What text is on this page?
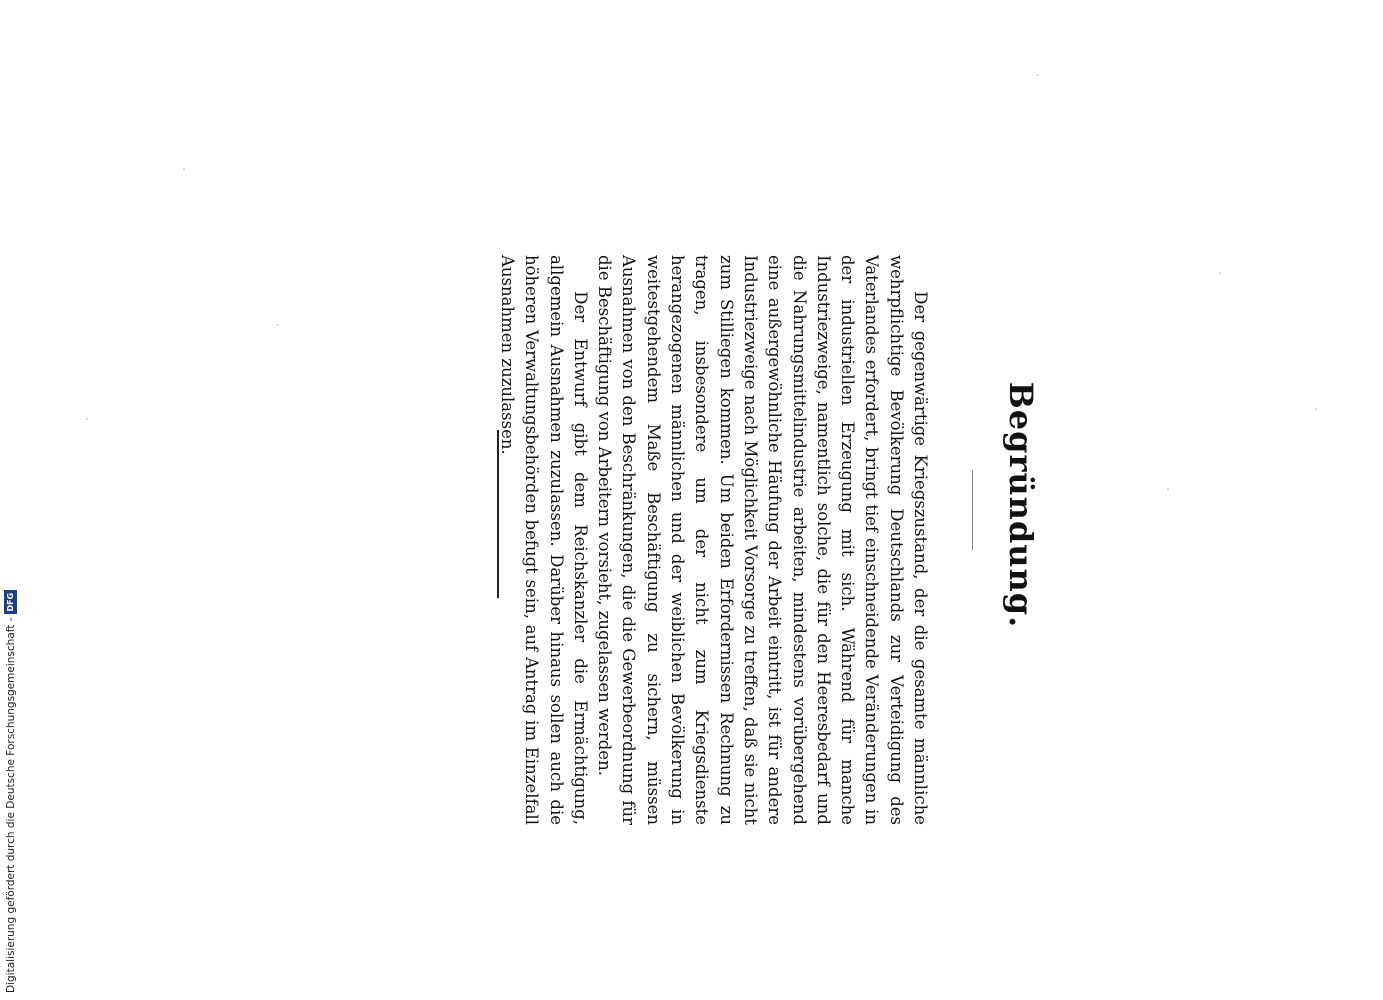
Begründung.

Der gegenwärtige Kriegszustand, der die gesamte männliche wehrpflichtige Bevölkerung Deutschlands zur Verteidigung des Vaterlandes erfordert, bringt tief einschneidende Veränderungen in der industriellen Erzeugung mit sich. Während für manche Industriezweige, namentlich solche, die für den Heeresbedarf und die Nahrungsmittelindustrie arbeiten, mindestens vorübergehend eine außergewöhnliche Häufung der Arbeit eintritt, ist für andere Industriezweige nach Möglichkeit Vorsorge zu treffen, daß sie nicht zum Stilliegen kommen. Um beiden Erfordernissen Rechnung zu tragen, insbesondere um der nicht zum Kriegsdienste herangezogenen männlichen und der weiblichen Bevölkerung in weitestgehendem Maße Beschäftigung zu sichern, müssen Ausnahmen von den Beschränkungen, die die Gewerbeordnung für die Beschäftigung von Arbeitern vorsieht, zugelassen werden.

Der Entwurf gibt dem Reichskanzler die Ermächtigung, allgemein Ausnahmen zuzulassen. Darüber hinaus sollen auch die höheren Verwaltungsbehörden befugt sein, auf Antrag im Einzelfall Ausnahmen zuzulassen.

Digitalisierung gefördert durch die Deutsche Forschungsgemeinschaft -
DFG
